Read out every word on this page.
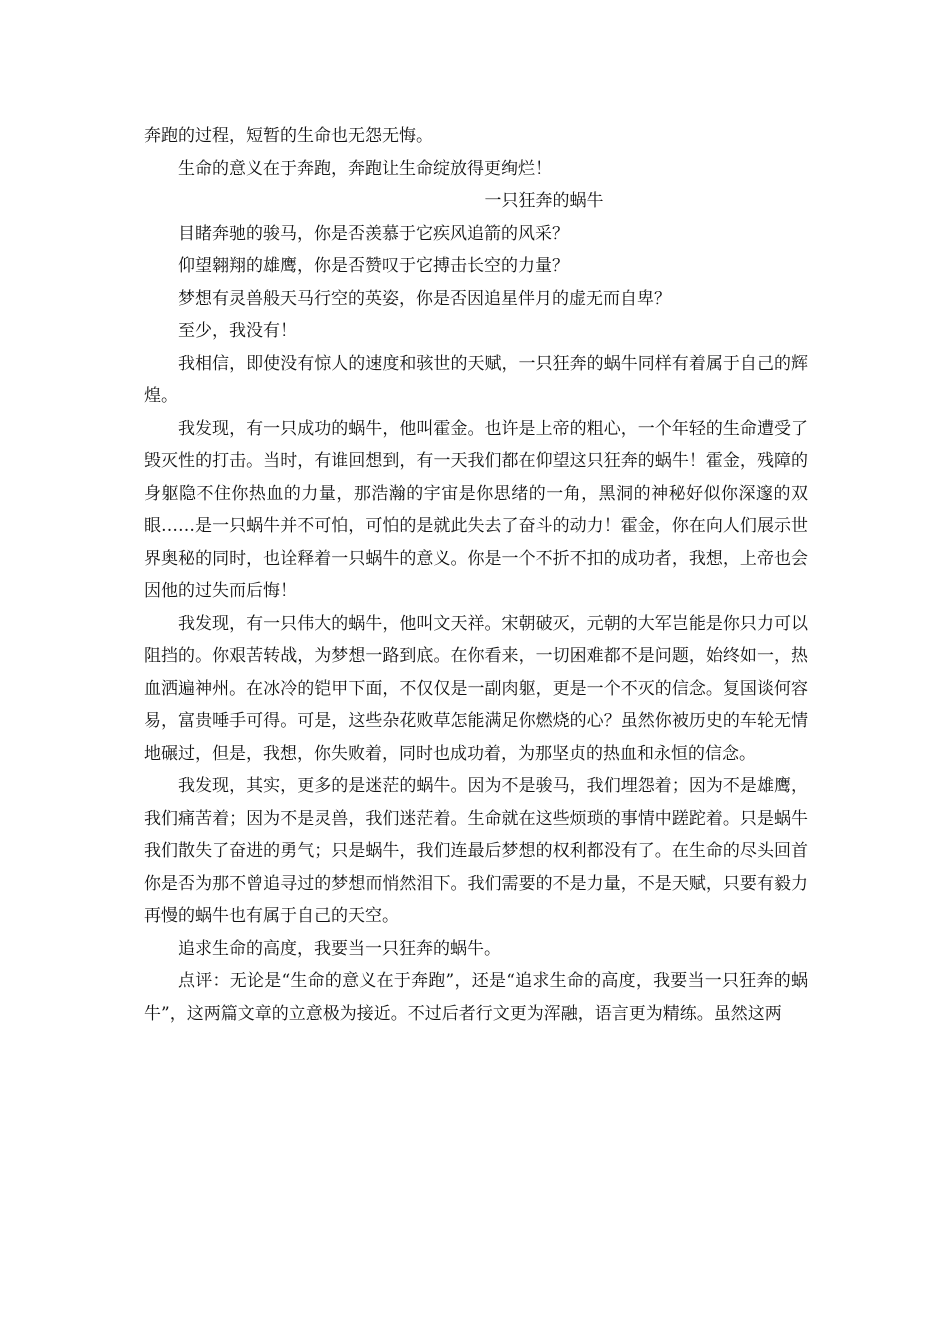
奔跑的过程，短暂的生命也无怨无悔。

生命的意义在于奔跑，奔跑让生命绽放得更绚烂！

一只狂奔的蜗牛

目睹奔驰的骏马，你是否羡慕于它疾风追箭的风采？

仰望翱翔的雄鹰，你是否赞叹于它搏击长空的力量？

梦想有灵兽般天马行空的英姿，你是否因追星伴月的虚无而自卑？

至少，我没有！

我相信，即使没有惊人的速度和骇世的天赋，一只狂奔的蜗牛同样有着属于自己的辉煌。

我发现，有一只成功的蜗牛，他叫霍金。也许是上帝的粗心，一个年轻的生命遭受了毁灭性的打击。当时，有谁回想到，有一天我们都在仰望这只狂奔的蜗牛！霍金，残障的身躯隐不住你热血的力量，那浩瀚的宇宙是你思绪的一角，黑洞的神秘好似你深邃的双眼……是一只蜗牛并不可怕，可怕的是就此失去了奋斗的动力！霍金，你在向人们展示世界奥秘的同时，也诠释着一只蜗牛的意义。你是一个不折不扣的成功者，我想，上帝也会因他的过失而后悔！

我发现，有一只伟大的蜗牛，他叫文天祥。宋朝破灭，元朝的大军岂能是你只力可以阻挡的。你艰苦转战，为梦想一路到底。在你看来，一切困难都不是问题，始终如一，热血洒遍神州。在冰冷的铠甲下面，不仅仅是一副肉躯，更是一个不灭的信念。复国谈何容易，富贵唾手可得。可是，这些杂花败草怎能满足你燃烧的心？虽然你被历史的车轮无情地碾过，但是，我想，你失败着，同时也成功着，为那坚贞的热血和永恒的信念。

我发现，其实，更多的是迷茫的蜗牛。因为不是骏马，我们埋怨着；因为不是雄鹰，我们痛苦着；因为不是灵兽，我们迷茫着。生命就在这些烦琐的事情中蹉跎着。只是蜗牛我们散失了奋进的勇气；只是蜗牛，我们连最后梦想的权利都没有了。在生命的尽头回首你是否为那不曾追寻过的梦想而悄然泪下。我们需要的不是力量，不是天赋，只要有毅力再慢的蜗牛也有属于自己的天空。

追求生命的高度，我要当一只狂奔的蜗牛。

点评：无论是“生命的意义在于奔跑”，还是“追求生命的高度，我要当一只狂奔的蜗牛”，这两篇文章的立意极为接近。不过后者行文更为浑融，语言更为精练。虽然这两
